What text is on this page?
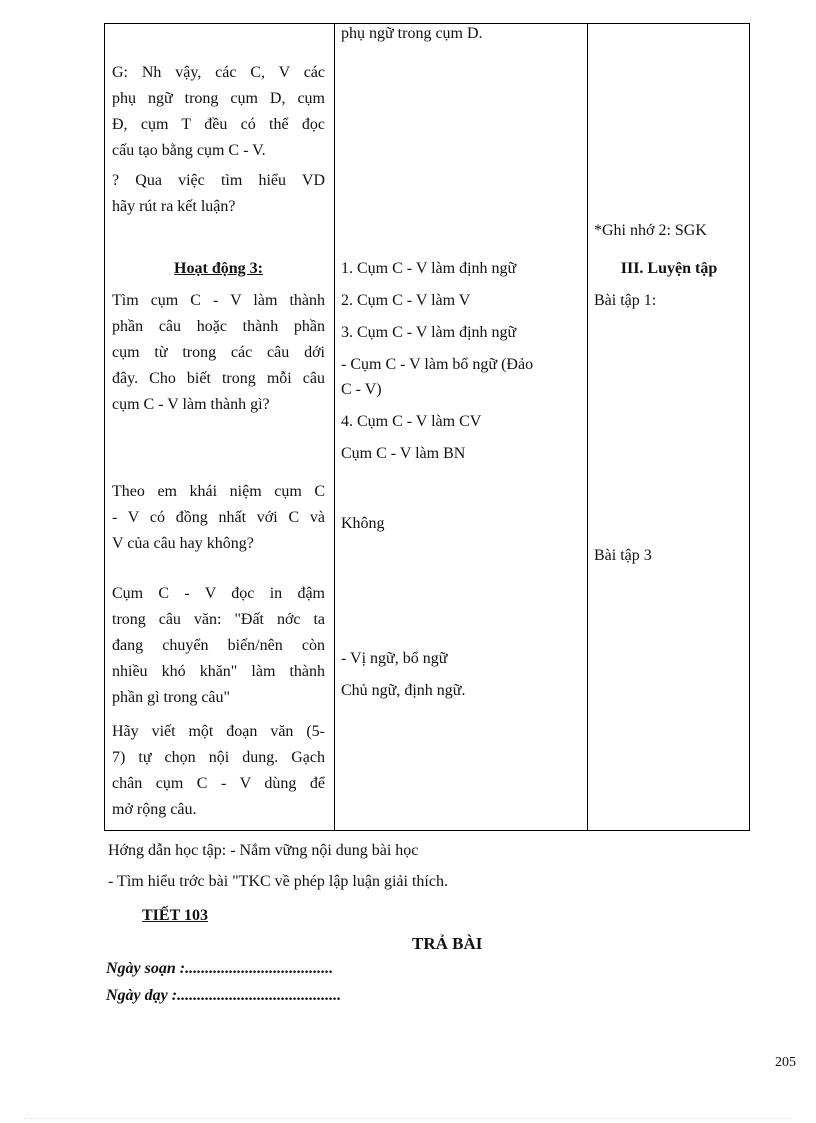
G: Nh vậy, các C, V các
phụ ngữ trong cụm D, cụm
Đ, cụm T đều có thể đọc
cấu tạo bằng cụm C - V.
? Qua việc tìm hiểu VD
hãy rút ra kết luận?
Hoạt động 3:
Tìm cụm C - V làm thành
phần câu hoặc thành phần
cụm từ trong các câu dới
đây. Cho biết trong mỗi câu
cụm C - V làm thành gì?
Theo em khái niệm cụm C
- V có đồng nhất với C và
V của câu hay không?
Cụm C - V đọc in đậm
trong câu văn: "Đất nớc ta
đang chuyển biến/nên còn
nhiều khó khăn" làm thành
phần gì trong câu"
Hãy viết một đoạn văn (5-
7) tự chọn nội dung. Gạch
chân cụm C - V dùng để
mở rộng câu.
phụ ngữ trong cụm D.
1. Cụm C - V làm định ngữ
2. Cụm C - V làm V
3. Cụm C - V làm định ngữ
- Cụm C - V làm bổ ngữ (Đảo
C - V)
4. Cụm C - V làm CV
Cụm C - V làm BN
Không
- Vị ngữ, bổ ngữ
Chủ ngữ, định ngữ.
*Ghi nhớ 2: SGK
III. Luyện tập
Bài tập 1:
Bài tập 3
Hớng dẫn học tập: - Nắm vững nội dung bài học
- Tìm hiểu trớc bài "TKC về phép lập luận giải thích.
TIẾT 103
TRẢ BÀI
Ngày soạn :.....................................
Ngày dạy :.........................................
205
